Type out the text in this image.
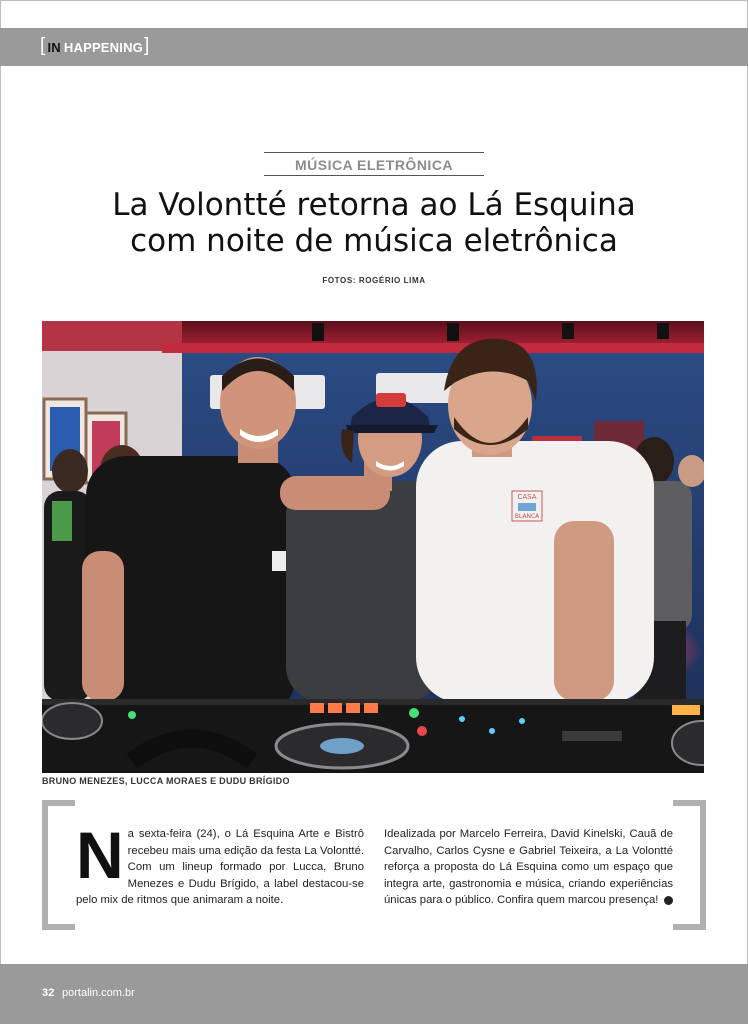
[ IN HAPPENING ]
MÚSICA ELETRÔNICA
La Volontté retorna ao Lá Esquina
com noite de música eletrônica
FOTOS: ROGÉRIO LIMA
CASA
BLANCA
BRUNO MENEZES, LUCCA MORAES E DUDU BRÍGIDO
N a sexta-feira (24), o Lá Esquina Arte e Bistrô recebeu mais uma edição da festa La Volontté. Com um lineup formado por Lucca, Bruno Menezes e Dudu Brígido, a label destacou-se pelo mix de ritmos que animaram a noite.
Idealizada por Marcelo Ferreira, David Kinelski, Cauã de Carvalho, Carlos Cysne e Gabriel Teixeira, a La Volontté reforça a proposta do Lá Esquina como um espaço que integra arte, gastronomia e música, criando experiências únicas para o público. Confira quem marcou presença!
32 portalin.com.br
